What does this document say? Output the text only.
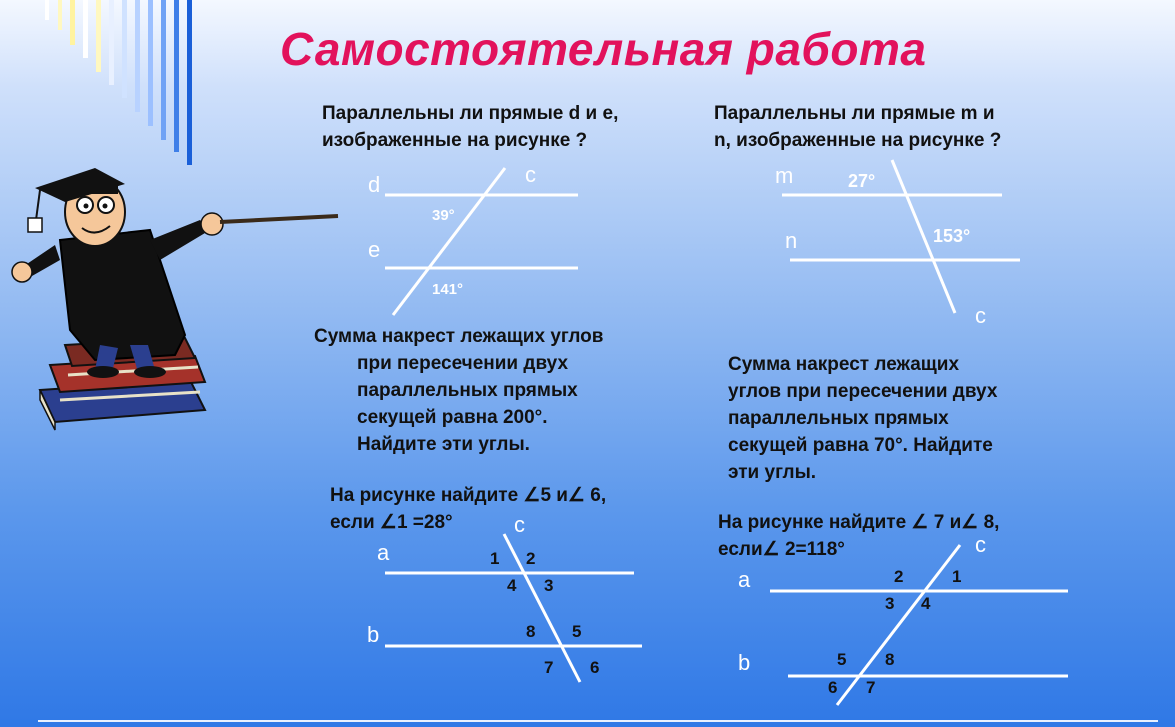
Самостоятельная работа
Параллельны ли прямые d и e,
изображенные на рисунке ?
d
e
c
39°
141°
Параллельны ли прямые m и
n, изображенные на рисунке ?
m
n
c
27°
153°
Сумма накрест лежащих углов
при пересечении двух
параллельных прямых
секущей равна 200°.
Найдите эти углы.
Сумма накрест лежащих
углов при пересечении двух
параллельных прямых
секущей равна 70°. Найдите
эти углы.
На рисунке найдите ∠5 и∠ 6,
если ∠1 =28°
a
b
c
1 2
3
4
5
6
7
8
На рисунке найдите ∠ 7 и∠ 8,
если∠ 2=118°
a
b
c
1
2
3 4
5
6 7
8
